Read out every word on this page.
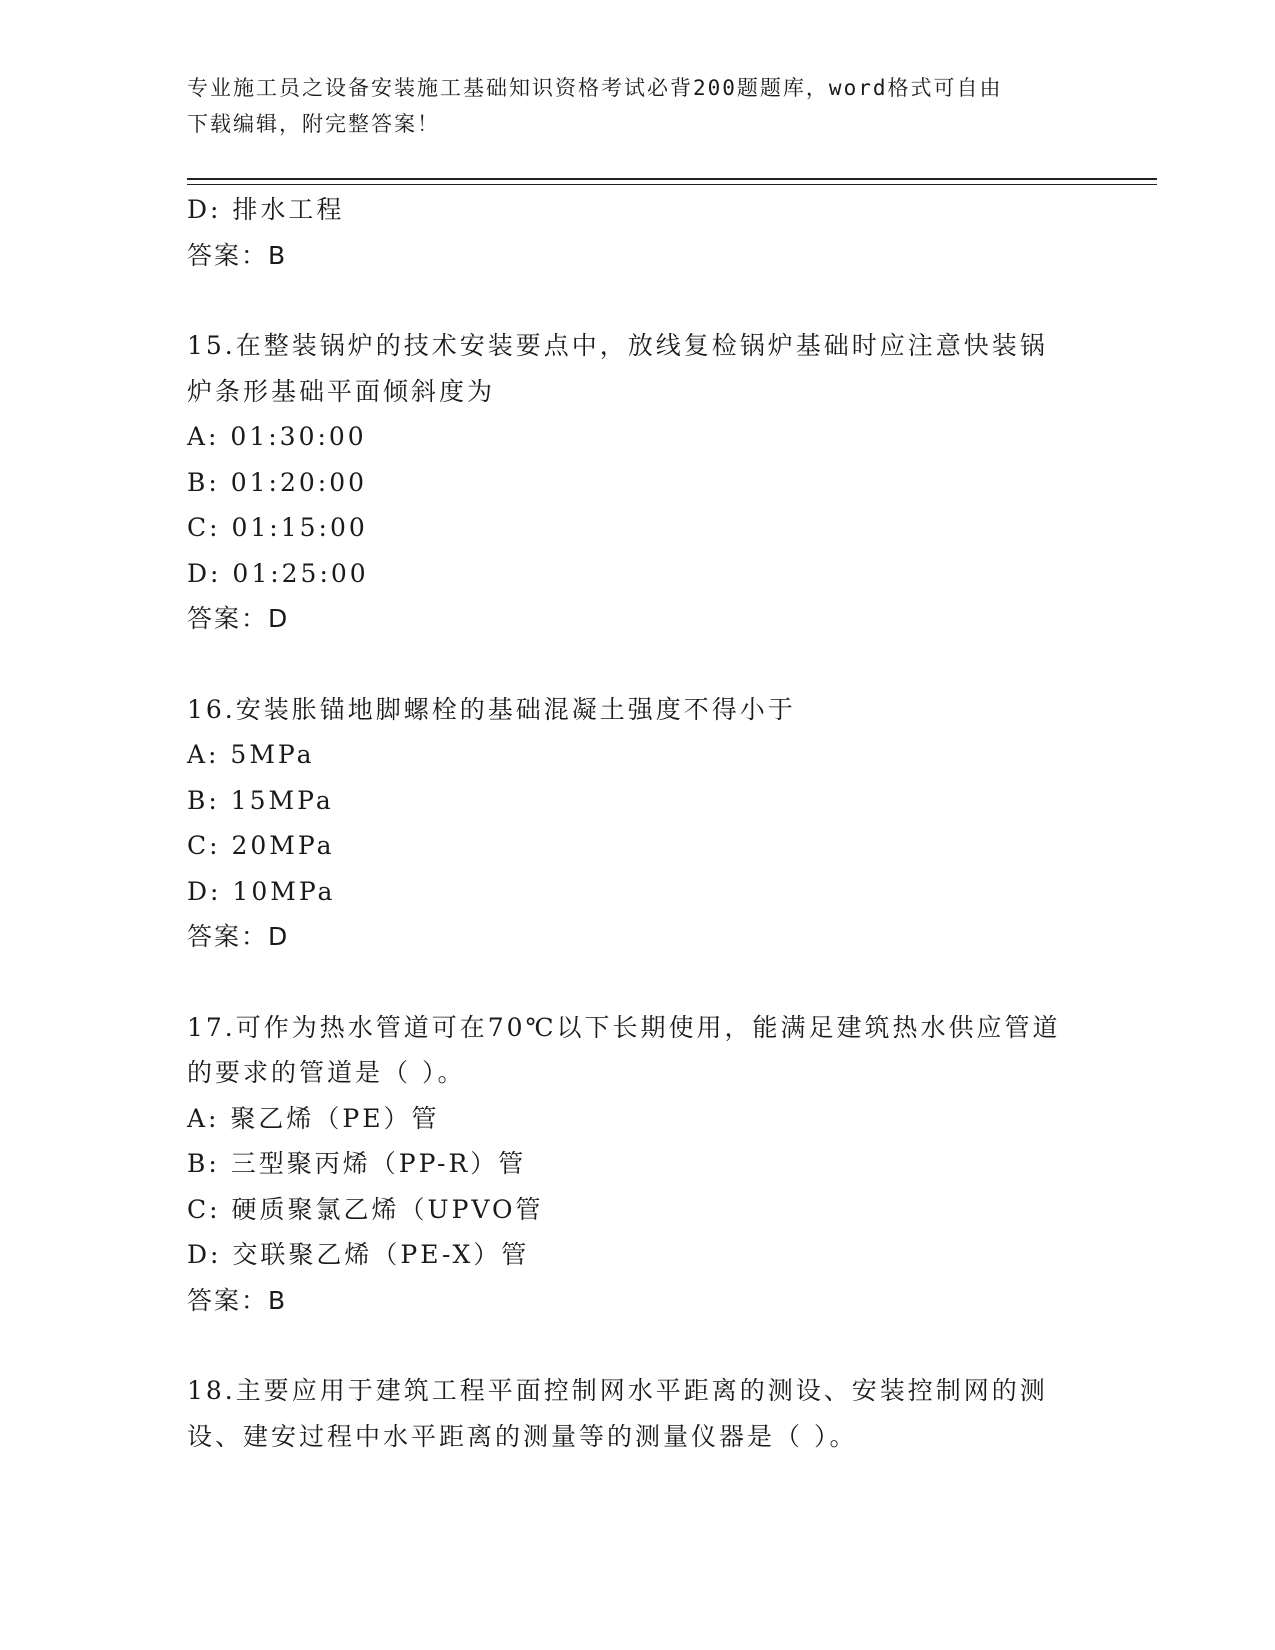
专业施工员之设备安装施工基础知识资格考试必背200题题库，word格式可自由
下载编辑，附完整答案！
D: 排水工程
答案：B
15.在整装锅炉的技术安装要点中，放线复检锅炉基础时应注意快装锅
炉条形基础平面倾斜度为
A: 01:30:00
B: 01:20:00
C: 01:15:00
D: 01:25:00
答案：D
16.安装胀锚地脚螺栓的基础混凝土强度不得小于
A: 5MPa
B: 15MPa
C: 20MPa
D: 10MPa
答案：D
17.可作为热水管道可在70℃以下长期使用，能满足建筑热水供应管道
的要求的管道是（ ）。
A: 聚乙烯（PE）管
B: 三型聚丙烯（PP-R）管
C: 硬质聚氯乙烯（UPVO管
D: 交联聚乙烯（PE-X）管
答案：B
18.主要应用于建筑工程平面控制网水平距离的测设、安装控制网的测
设、建安过程中水平距离的测量等的测量仪器是（ ）。
